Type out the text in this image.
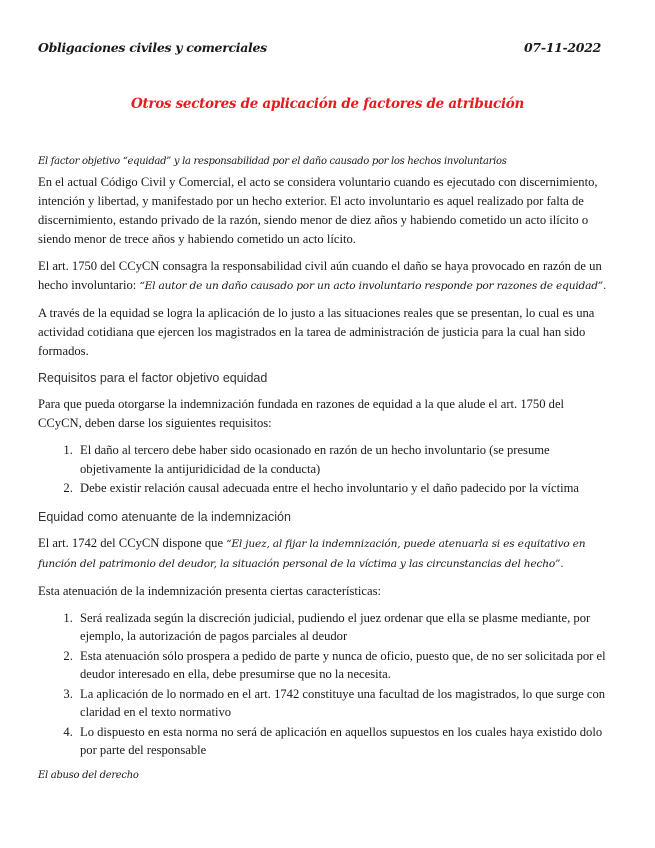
Obligaciones civiles y comerciales	07-11-2022
Otros sectores de aplicación de factores de atribución
El factor objetivo “equidad” y la responsabilidad por el daño causado por los hechos involuntarios

En el actual Código Civil y Comercial, el acto se considera voluntario cuando es ejecutado con discernimiento, intención y libertad, y manifestado por un hecho exterior. El acto involuntario es aquel realizado por falta de discernimiento, estando privado de la razón, siendo menor de diez años y habiendo cometido un acto ilícito o siendo menor de trece años y habiendo cometido un acto lícito.

El art. 1750 del CCyCN consagra la responsabilidad civil aún cuando el daño se haya provocado en razón de un hecho involuntario: “El autor de un daño causado por un acto involuntario responde por razones de equidad”.

A través de la equidad se logra la aplicación de lo justo a las situaciones reales que se presentan, lo cual es una actividad cotidiana que ejercen los magistrados en la tarea de administración de justicia para la cual han sido formados.

Requisitos para el factor objetivo equidad

Para que pueda otorgarse la indemnización fundada en razones de equidad a la que alude el art. 1750 del CCyCN, deben darse los siguientes requisitos:

1. El daño al tercero debe haber sido ocasionado en razón de un hecho involuntario (se presume objetivamente la antijuridicidad de la conducta)
2. Debe existir relación causal adecuada entre el hecho involuntario y el daño padecido por la víctima
Equidad como atenuante de la indemnización

El art. 1742 del CCyCN dispone que “El juez, al fijar la indemnización, puede atenuarla si es equitativo en función del patrimonio del deudor, la situación personal de la víctima y las circunstancias del hecho”.

Esta atenuación de la indemnización presenta ciertas características:

1. Será realizada según la discreción judicial, pudiendo el juez ordenar que ella se plasme mediante, por ejemplo, la autorización de pagos parciales al deudor
2. Esta atenuación sólo prospera a pedido de parte y nunca de oficio, puesto que, de no ser solicitada por el deudor interesado en ella, debe presumirse que no la necesita.
3. La aplicación de lo normado en el art. 1742 constituye una facultad de los magistrados, lo que surge con claridad en el texto normativo
4. Lo dispuesto en esta norma no será de aplicación en aquellos supuestos en los cuales haya existido dolo por parte del responsable
El abuso del derecho
